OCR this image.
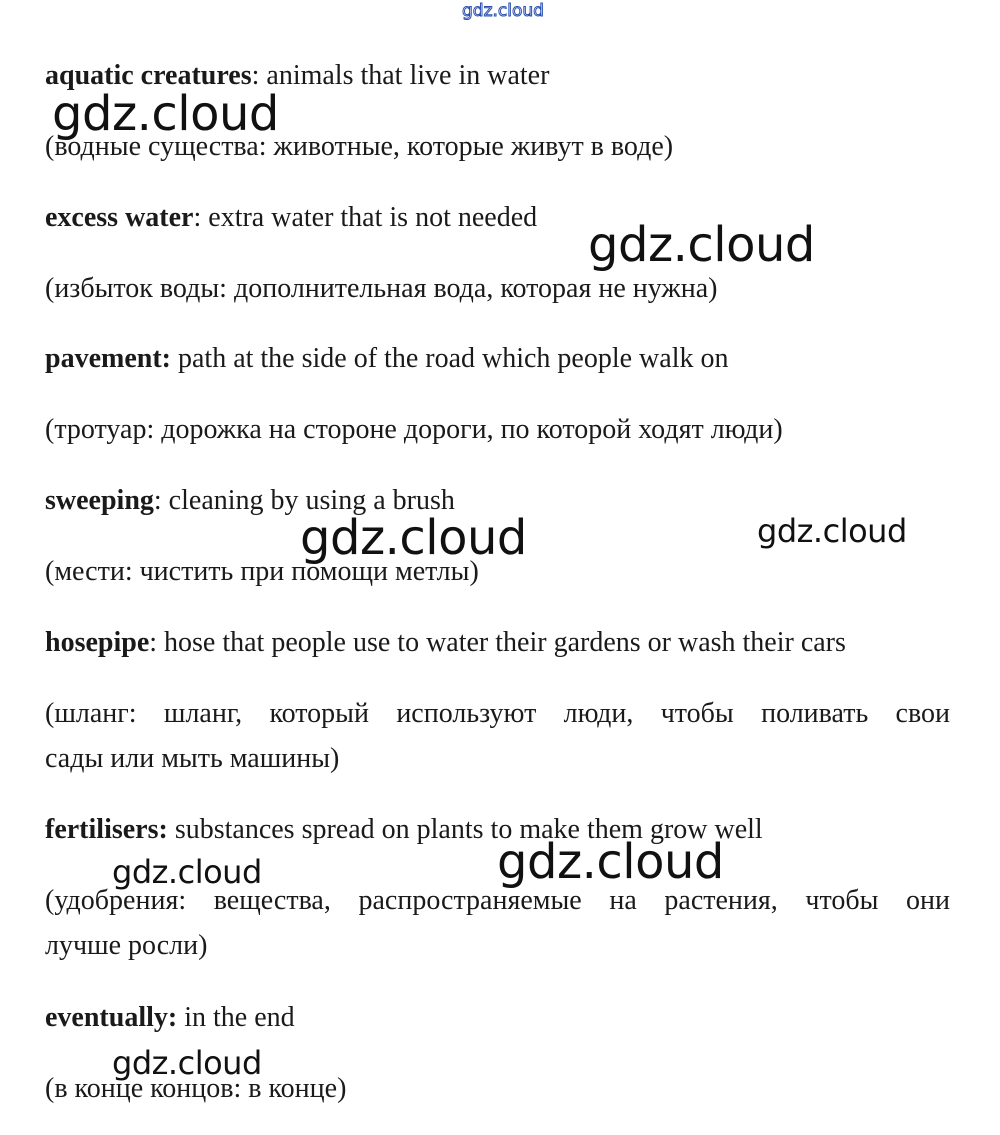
gdz.cloud
aquatic creatures: animals that live in water
(водные существа: животные, которые живут в воде)
excess water: extra water that is not needed
(избыток воды: дополнительная вода, которая не нужна)
pavement: path at the side of the road which people walk on
(тротуар: дорожка на стороне дороги, по которой ходят люди)
sweeping: cleaning by using a brush
(мести: чистить при помощи метлы)
hosepipe: hose that people use to water their gardens or wash their cars
(шланг: шланг, который используют люди, чтобы поливать свои
сады или мыть машины)
fertilisers: substances spread on plants to make them grow well
(удобрения: вещества, распространяемые на растения, чтобы они
лучше росли)
eventually: in the end
(в конце концов: в конце)
gdz.cloud
gdz.cloud
gdz.cloud	gdz.cloud
gdz.cloud	gdz.cloud
gdz.cloud
